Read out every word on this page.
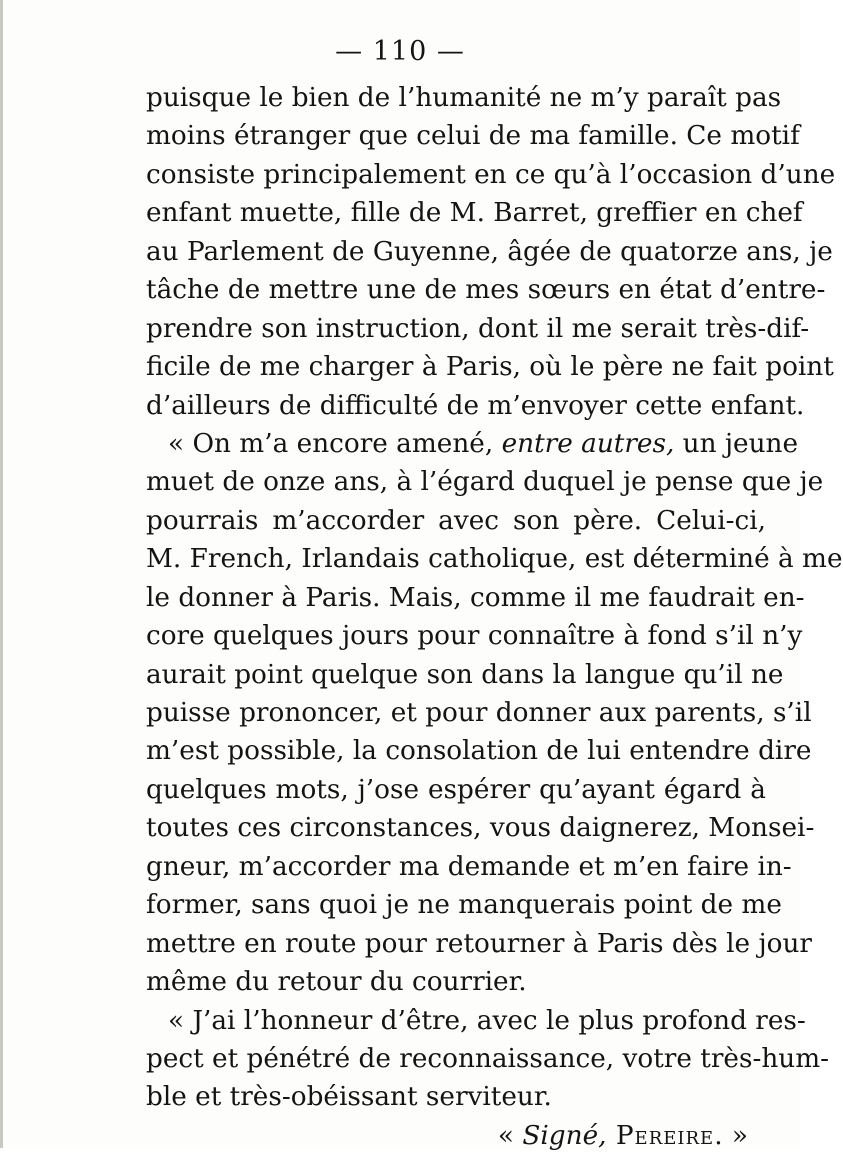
— 110 —
puisque le bien de l’humanité ne m’y paraît pas
moins étranger que celui de ma famille. Ce motif
consiste principalement en ce qu’à l’occasion d’une
enfant muette, fille de M. Barret, greffier en chef
au Parlement de Guyenne, âgée de quatorze ans, je
tâche de mettre une de mes sœurs en état d’entre-
prendre son instruction, dont il me serait très-dif-
ficile de me charger à Paris, où le père ne fait point
d’ailleurs de difficulté de m’envoyer cette enfant.
« On m’a encore amené, entre autres, un jeune
muet de onze ans, à l’égard duquel je pense que je
pourrais m’accorder avec son père. Celui-ci,
M. French, Irlandais catholique, est déterminé à me
le donner à Paris. Mais, comme il me faudrait en-
core quelques jours pour connaître à fond s’il n’y
aurait point quelque son dans la langue qu’il ne
puisse prononcer, et pour donner aux parents, s’il
m’est possible, la consolation de lui entendre dire
quelques mots, j’ose espérer qu’ayant égard à
toutes ces circonstances, vous daignerez, Monsei-
gneur, m’accorder ma demande et m’en faire in-
former, sans quoi je ne manquerais point de me
mettre en route pour retourner à Paris dès le jour
même du retour du courrier.
« J’ai l’honneur d’être, avec le plus profond res-
pect et pénétré de reconnaissance, votre très-hum-
ble et très-obéissant serviteur.
« Signé, Pereire. »
